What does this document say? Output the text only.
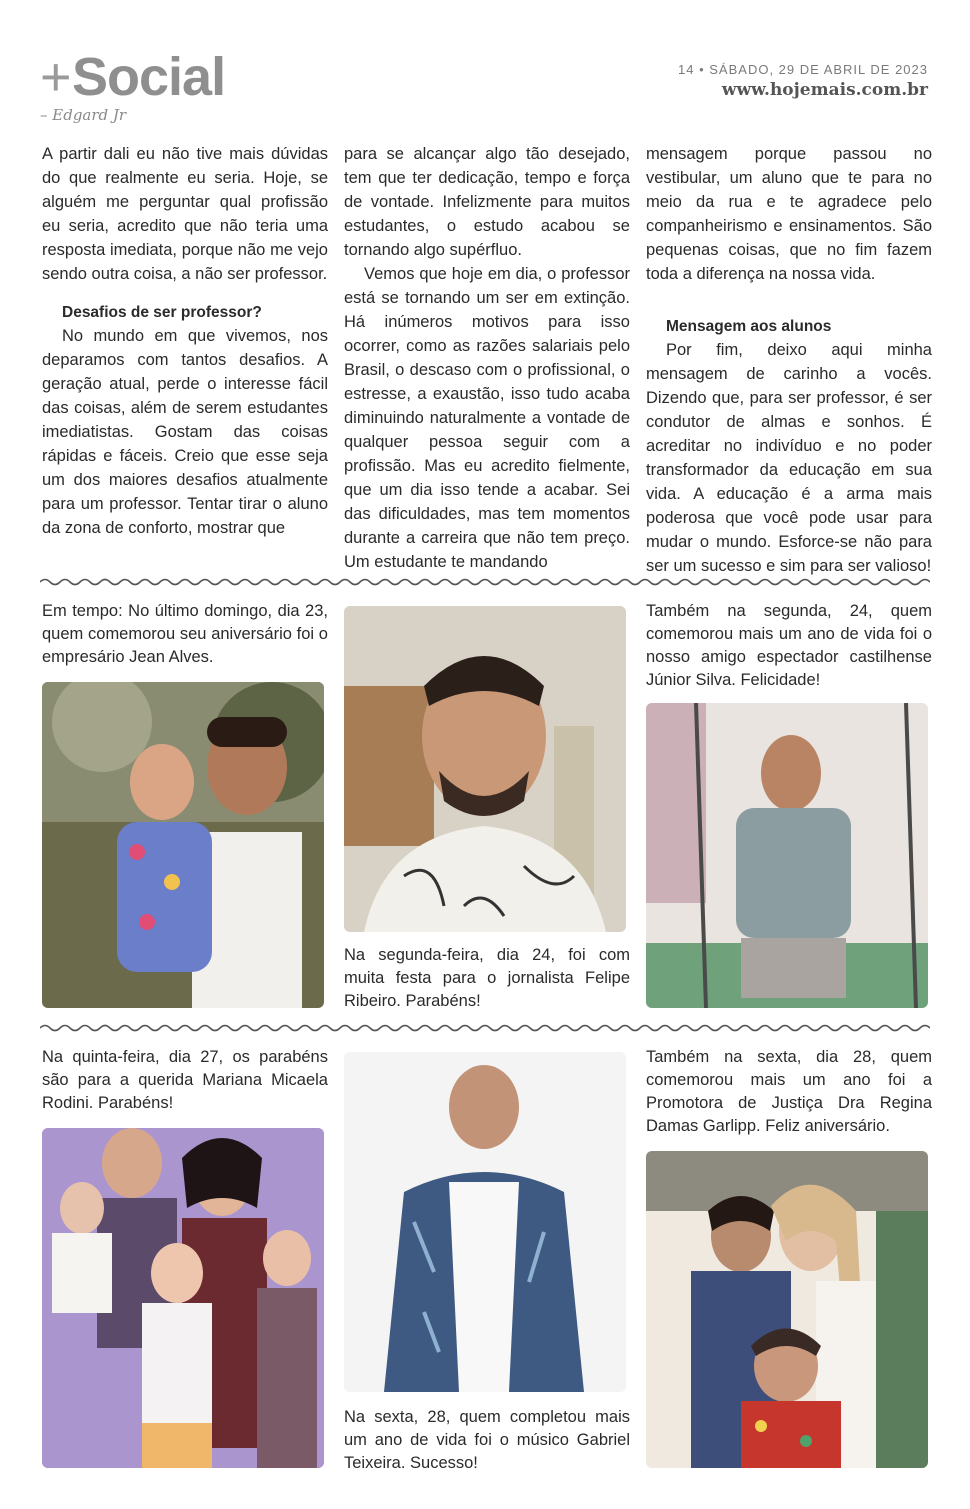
+ Social
– Edgard Jr
14 • SÁBADO, 29 DE ABRIL DE 2023
www.hojemais.com.br

A partir dali eu não tive mais dúvidas do que realmente eu seria. Hoje, se alguém me perguntar qual profissão eu seria, acredito que não teria uma resposta imediata, porque não me vejo sendo outra coisa, a não ser professor.

Desafios de ser professor?

No mundo em que vivemos, nos deparamos com tantos desafios. A geração atual, perde o interesse fácil das coisas, além de serem estudantes imediatistas. Gostam das coisas rápidas e fáceis. Creio que esse seja um dos maiores desafios atualmente para um professor. Tentar tirar o aluno da zona de conforto, mostrar que

para se alcançar algo tão desejado, tem que ter dedicação, tempo e força de vontade. Infelizmente para muitos estudantes, o estudo acabou se tornando algo supérfluo.

Vemos que hoje em dia, o professor está se tornando um ser em extinção. Há inúmeros motivos para isso ocorrer, como as razões salariais pelo Brasil, o descaso com o profissional, o estresse, a exaustão, isso tudo acaba diminuindo naturalmente a vontade de qualquer pessoa seguir com a profissão. Mas eu acredito fielmente, que um dia isso tende a acabar. Sei das dificuldades, mas tem momentos durante a carreira que não tem preço. Um estudante te mandando

mensagem porque passou no vestibular, um aluno que te para no meio da rua e te agradece pelo companheirismo e ensinamentos. São pequenas coisas, que no fim fazem toda a diferença na nossa vida.

Mensagem aos alunos

Por fim, deixo aqui minha mensagem de carinho a vocês. Dizendo que, para ser professor, é ser condutor de almas e sonhos. É acreditar no indivíduo e no poder transformador da educação em sua vida. A educação é a arma mais poderosa que você pode usar para mudar o mundo. Esforce-se não para ser um sucesso e sim para ser valioso!

Em tempo: No último domingo, dia 23, quem comemorou seu aniversário foi o empresário Jean Alves.
Na segunda-feira, dia 24, foi com muita festa para o jornalista Felipe Ribeiro. Parabéns!
Também na segunda, 24, quem comemorou mais um ano de vida foi o nosso amigo espectador castilhense Júnior Silva. Felicidade!
Na quinta-feira, dia 27, os parabéns são para a querida Mariana Micaela Rodini. Parabéns!
Na sexta, 28, quem completou mais um ano de vida foi o músico Gabriel Teixeira. Sucesso!
Também na sexta, dia 28, quem comemorou mais um ano foi a Promotora de Justiça Dra Regina Damas Garlipp. Feliz aniversário.
